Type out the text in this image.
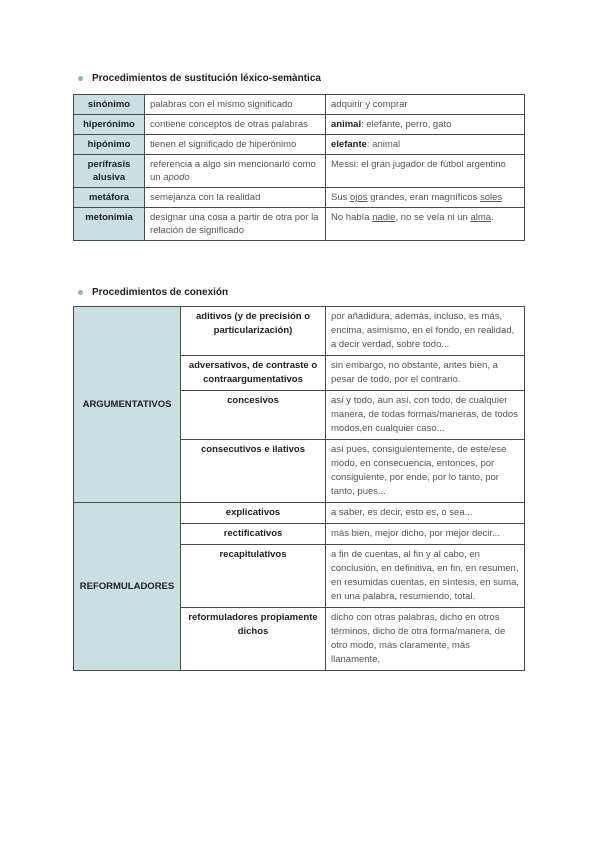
Procedimientos de sustitución léxico-semàntica
sinónimo	palabras con el mismo significado	adquirir y comprar
hiperónimo	contiene conceptos de otras palabras	animal: elefante, perro, gato
hipónimo	tienen el significado de hiperónimo	elefante: animal
perífrasis alusiva	referencia a algo sin mencionarlo como un apodo	Messi: el gran jugador de fútbol argentino
metáfora	semejanza con la realidad	Sus ojos grandes, eran magníficos soles
metonimia	designar una cosa a partir de otra por la relación de significado	No había nadie, no se veía ni un alma.
Procedimientos de conexión
ARGUMENTATIVOS	aditivos (y de precisión o particularización)	por añadidura, además, incluso, es más, encima, asimismo, en el fondo, en realidad, a decir verdad, sobre todo...
	adversativos, de contraste o contraargumentativos	sin embargo, no obstante, antes bien, a pesar de todo, por el contrario.
	concesivos	así y todo, aun así, con todo, de cualquier manera, de todas formas/maneras, de todos modos,en cualquier caso...
	consecutivos e ilativos	así pues, consiguientemente, de este/ese modo, en consecuencia, entonces, por consiguiente, por ende, por lo tanto, por tanto, pues...
REFORMULADORES	explicativos	a saber, es decir, esto es, o sea...
	rectificativos	más bien, mejor dicho, por mejor decir...
	recapitulativos	a fin de cuentas, al fin y al cabo, en conclusión, en definitiva, en fin, en resumen, en resumidas cuentas, en síntesis, en suma, en una palabra, resumiendo, total.
	reformuladores propiamente dichos	dicho con otras palabras, dicho en otros términos, dicho de otra forma/manera, de otro modo, más claramente, más llanamente,
